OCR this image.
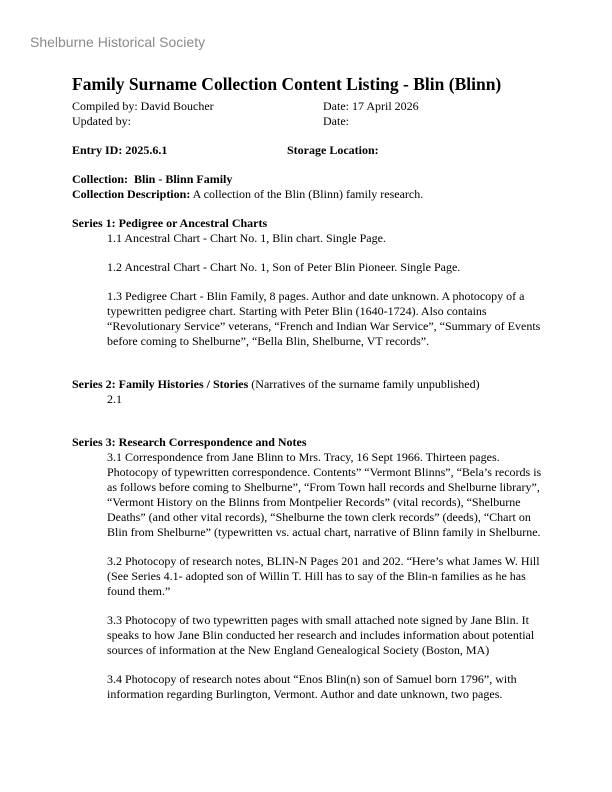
Shelburne Historical Society
Family Surname Collection Content Listing - Blin (Blinn)
Compiled by: David Boucher	Date: 17 April 2026
Updated by:	Date:
Entry ID: 2025.6.1	Storage Location:

Collection:  Blin - Blinn Family

Collection Description: A collection of the Blin (Blinn) family research.

Series 1: Pedigree or Ancestral Charts
1.1 Ancestral Chart - Chart No. 1, Blin chart. Single Page.
1.2 Ancestral Chart - Chart No. 1, Son of Peter Blin Pioneer. Single Page.
1.3 Pedigree Chart - Blin Family, 8 pages. Author and date unknown. A photocopy of a typewritten pedigree chart. Starting with Peter Blin (1640-1724). Also contains “Revolutionary Service” veterans, “French and Indian War Service”, “Summary of Events before coming to Shelburne”, “Bella Blin, Shelburne, VT records”.
Series 2: Family Histories / Stories (Narratives of the surname family unpublished)
2.1
Series 3: Research Correspondence and Notes
3.1 Correspondence from Jane Blinn to Mrs. Tracy, 16 Sept 1966. Thirteen pages. Photocopy of typewritten correspondence. Contents” “Vermont Blinns”, “Bela’s records is as follows before coming to Shelburne”, “From Town hall records and Shelburne library”, “Vermont History on the Blinns from Montpelier Records” (vital records), “Shelburne Deaths” (and other vital records), “Shelburne the town clerk records” (deeds), “Chart on Blin from Shelburne” (typewritten vs. actual chart, narrative of Blinn family in Shelburne.
3.2 Photocopy of research notes, BLIN-N Pages 201 and 202. “Here’s what James W. Hill (See Series 4.1- adopted son of Willin T. Hill has to say of the Blin-n families as he has found them.”
3.3 Photocopy of two typewritten pages with small attached note signed by Jane Blin. It speaks to how Jane Blin conducted her research and includes information about potential sources of information at the New England Genealogical Society (Boston, MA)
3.4 Photocopy of research notes about “Enos Blin(n) son of Samuel born 1796”, with information regarding Burlington, Vermont. Author and date unknown, two pages.
